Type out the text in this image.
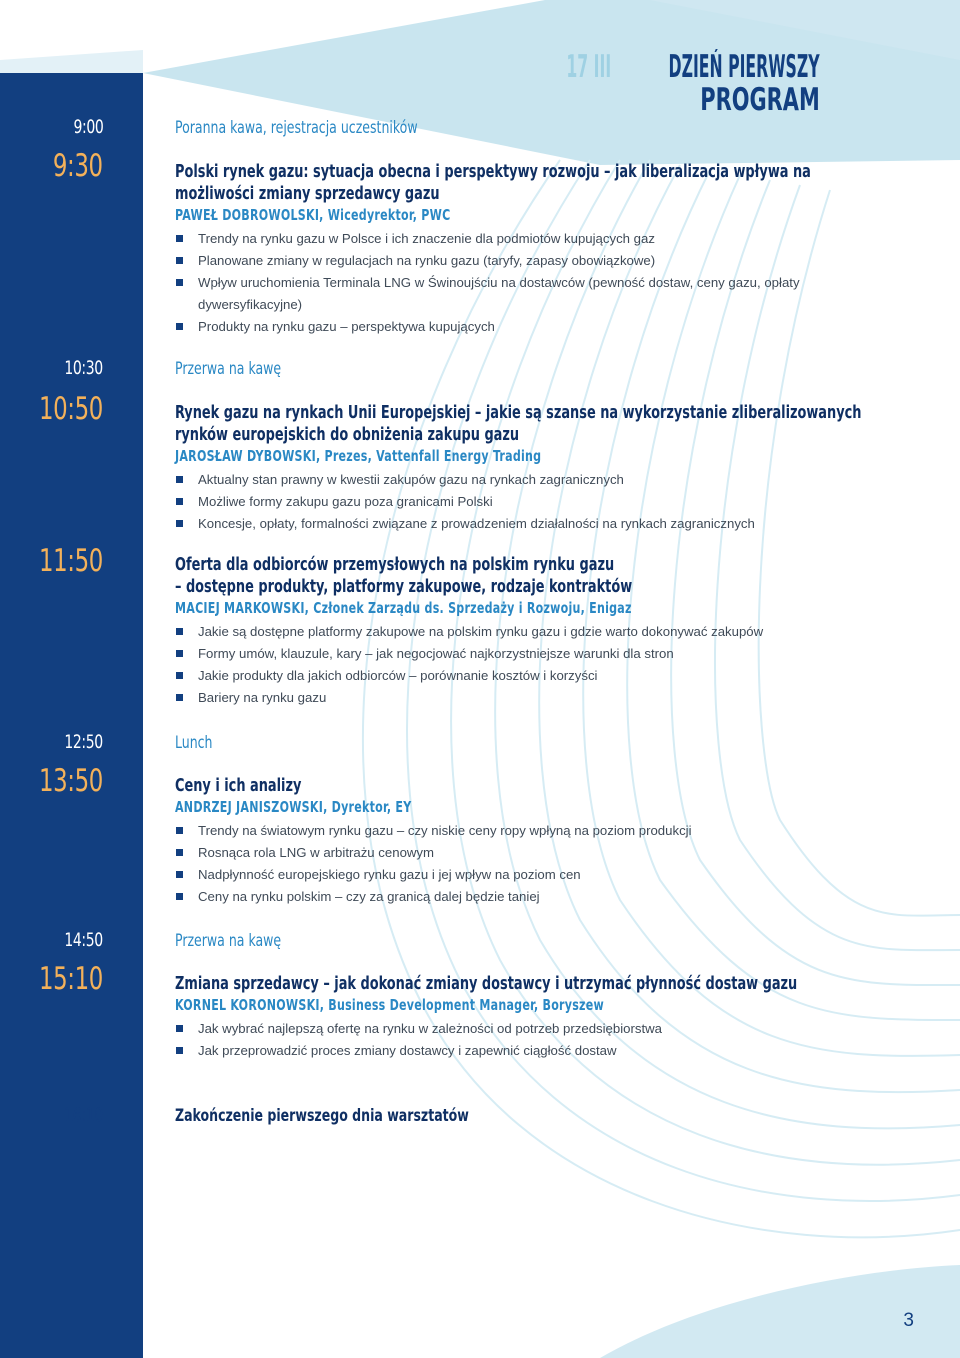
9:00
9:30
10:30
10:50
11:50
12:50
13:50
14:50
15:10
16:10
17 III DZIEŃ PIERWSZY
PROGRAM
Poranna kawa, rejestracja uczestników
Polski rynek gazu: sytuacja obecna i perspektywy rozwoju – jak liberalizacja wpływa na
możliwości zmiany sprzedawcy gazu
PAWEŁ DOBROWOLSKI, Wicedyrektor, PWC
Trendy na rynku gazu w Polsce i ich znaczenie dla podmiotów kupujących gaz
Planowane zmiany w regulacjach na rynku gazu (taryfy, zapasy obowiązkowe)
Wpływ uruchomienia Terminala LNG w Świnoujściu na dostawców (pewność dostaw, ceny gazu, opłaty dywersyfikacyjne)
Produkty na rynku gazu – perspektywa kupujących
Przerwa na kawę
Rynek gazu na rynkach Unii Europejskiej – jakie są szanse na wykorzystanie zliberalizowanych
rynków europejskich do obniżenia zakupu gazu
JAROSŁAW DYBOWSKI, Prezes, Vattenfall Energy Trading
Aktualny stan prawny w kwestii zakupów gazu na rynkach zagranicznych
Możliwe formy zakupu gazu poza granicami Polski
Koncesje, opłaty, formalności związane z prowadzeniem działalności na rynkach zagranicznych
Oferta dla odbiorców przemysłowych na polskim rynku gazu
– dostępne produkty, platformy zakupowe, rodzaje kontraktów
MACIEJ MARKOWSKI, Członek Zarządu ds. Sprzedaży i Rozwoju, Enigaz
Jakie są dostępne platformy zakupowe na polskim rynku gazu i gdzie warto dokonywać zakupów
Formy umów, klauzule, kary – jak negocjować najkorzystniejsze warunki dla stron
Jakie produkty dla jakich odbiorców – porównanie kosztów i korzyści
Bariery na rynku gazu
Lunch
Ceny i ich analizy
ANDRZEJ JANISZOWSKI, Dyrektor, EY
Trendy na światowym rynku gazu – czy niskie ceny ropy wpłyną na poziom produkcji
Rosnąca rola LNG w arbitrażu cenowym
Nadpłynność europejskiego rynku gazu i jej wpływ na poziom cen
Ceny na rynku polskim – czy za granicą dalej będzie taniej
Przerwa na kawę
Zmiana sprzedawcy – jak dokonać zmiany dostawcy i utrzymać płynność dostaw gazu
KORNEL KORONOWSKI, Business Development Manager, Boryszew
Jak wybrać najlepszą ofertę na rynku w zależności od potrzeb przedsiębiorstwa
Jak przeprowadzić proces zmiany dostawcy i zapewnić ciągłość dostaw
Zakończenie pierwszego dnia warsztatów
3
